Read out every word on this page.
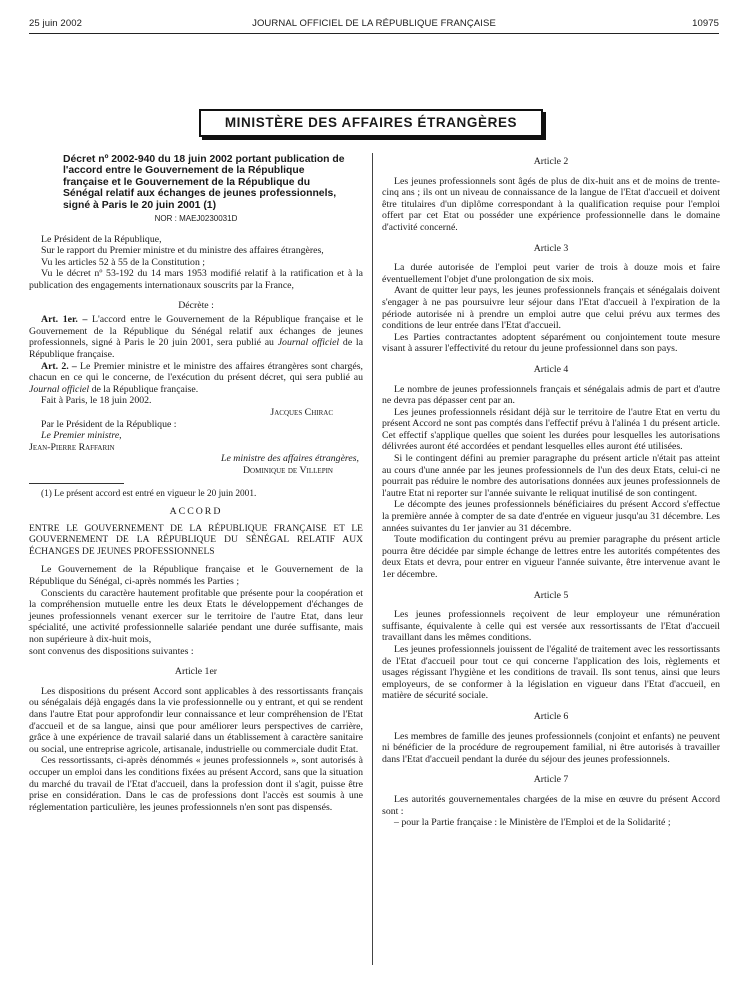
25 juin 2002	JOURNAL OFFICIEL DE LA RÉPUBLIQUE FRANÇAISE	10975
MINISTÈRE DES AFFAIRES ÉTRANGÈRES

Décret nº 2002-940 du 18 juin 2002 portant publication de l'accord entre le Gouvernement de la République française et le Gouvernement de la République du Sénégal relatif aux échanges de jeunes professionnels, signé à Paris le 20 juin 2001 (1)

NOR : MAEJ0230031D

Le Président de la République,

Sur le rapport du Premier ministre et du ministre des affaires étrangères,

Vu les articles 52 à 55 de la Constitution ;

Vu le décret nº 53-192 du 14 mars 1953 modifié relatif à la ratification et à la publication des engagements internationaux souscrits par la France,

Décrète :

Art. 1er. – L'accord entre le Gouvernement de la République française et le Gouvernement de la République du Sénégal relatif aux échanges de jeunes professionnels, signé à Paris le 20 juin 2001, sera publié au Journal officiel de la République française.

Art. 2. – Le Premier ministre et le ministre des affaires étrangères sont chargés, chacun en ce qui le concerne, de l'exécution du présent décret, qui sera publié au Journal officiel de la République française.

Fait à Paris, le 18 juin 2002.

Jacques Chirac

Par le Président de la République :

Le Premier ministre,

Jean-Pierre Raffarin

Le ministre des affaires étrangères,

Dominique de Villepin

(1) Le présent accord est entré en vigueur le 20 juin 2001.

ACCORD

ENTRE LE GOUVERNEMENT DE LA RÉPUBLIQUE FRANÇAISE ET LE GOUVERNEMENT DE LA RÉPUBLIQUE DU SÉNÉGAL RELATIF AUX ÉCHANGES DE JEUNES PROFESSIONNELS

Le Gouvernement de la République française et le Gouvernement de la République du Sénégal, ci-après nommés les Parties ;

Conscients du caractère hautement profitable que présente pour la coopération et la compréhension mutuelle entre les deux Etats le développement d'échanges de jeunes professionnels venant exercer sur le territoire de l'autre Etat, dans leur spécialité, une activité professionnelle salariée pendant une durée suffisante, mais non supérieure à dix-huit mois,

sont convenus des dispositions suivantes :

Article 1er

Les dispositions du présent Accord sont applicables à des ressortissants français ou sénégalais déjà engagés dans la vie professionnelle ou y entrant, et qui se rendent dans l'autre Etat pour approfondir leur connaissance et leur compréhension de l'Etat d'accueil et de sa langue, ainsi que pour améliorer leurs perspectives de carrière, grâce à une expérience de travail salarié dans un établissement à caractère sanitaire ou social, une entreprise agricole, artisanale, industrielle ou commerciale dudit Etat.

Ces ressortissants, ci-après dénommés « jeunes professionnels », sont autorisés à occuper un emploi dans les conditions fixées au présent Accord, sans que la situation du marché du travail de l'Etat d'accueil, dans la profession dont il s'agit, puisse être prise en considération. Dans le cas de professions dont l'accès est soumis à une réglementation particulière, les jeunes professionnels n'en sont pas dispensés.

Article 2

Les jeunes professionnels sont âgés de plus de dix-huit ans et de moins de trente-cinq ans ; ils ont un niveau de connaissance de la langue de l'Etat d'accueil et doivent être titulaires d'un diplôme correspondant à la qualification requise pour l'emploi offert par cet Etat ou posséder une expérience professionnelle dans le domaine d'activité concerné.

Article 3

La durée autorisée de l'emploi peut varier de trois à douze mois et faire éventuellement l'objet d'une prolongation de six mois.

Avant de quitter leur pays, les jeunes professionnels français et sénégalais doivent s'engager à ne pas poursuivre leur séjour dans l'Etat d'accueil à l'expiration de la période autorisée ni à prendre un emploi autre que celui prévu aux termes des conditions de leur entrée dans l'Etat d'accueil.

Les Parties contractantes adoptent séparément ou conjointement toute mesure visant à assurer l'effectivité du retour du jeune professionnel dans son pays.

Article 4

Le nombre de jeunes professionnels français et sénégalais admis de part et d'autre ne devra pas dépasser cent par an.

Les jeunes professionnels résidant déjà sur le territoire de l'autre Etat en vertu du présent Accord ne sont pas comptés dans l'effectif prévu à l'alinéa 1 du présent article. Cet effectif s'applique quelles que soient les durées pour lesquelles les autorisations délivrées auront été accordées et pendant lesquelles elles auront été utilisées.

Si le contingent défini au premier paragraphe du présent article n'était pas atteint au cours d'une année par les jeunes professionnels de l'un des deux Etats, celui-ci ne pourrait pas réduire le nombre des autorisations données aux jeunes professionnels de l'autre Etat ni reporter sur l'année suivante le reliquat inutilisé de son contingent.

Le décompte des jeunes professionnels bénéficiaires du présent Accord s'effectue la première année à compter de sa date d'entrée en vigueur jusqu'au 31 décembre. Les années suivantes du 1er janvier au 31 décembre.

Toute modification du contingent prévu au premier paragraphe du présent article pourra être décidée par simple échange de lettres entre les autorités compétentes des deux Etats et devra, pour entrer en vigueur l'année suivante, être intervenue avant le 1er décembre.

Article 5

Les jeunes professionnels reçoivent de leur employeur une rémunération suffisante, équivalente à celle qui est versée aux ressortissants de l'Etat d'accueil travaillant dans les mêmes conditions.

Les jeunes professionnels jouissent de l'égalité de traitement avec les ressortissants de l'Etat d'accueil pour tout ce qui concerne l'application des lois, règlements et usages régissant l'hygiène et les conditions de travail. Ils sont tenus, ainsi que leurs employeurs, de se conformer à la législation en vigueur dans l'Etat d'accueil, en matière de sécurité sociale.

Article 6

Les membres de famille des jeunes professionnels (conjoint et enfants) ne peuvent ni bénéficier de la procédure de regroupement familial, ni être autorisés à travailler dans l'Etat d'accueil pendant la durée du séjour des jeunes professionnels.

Article 7

Les autorités gouvernementales chargées de la mise en œuvre du présent Accord sont :

– pour la Partie française : le Ministère de l'Emploi et de la Solidarité ;
